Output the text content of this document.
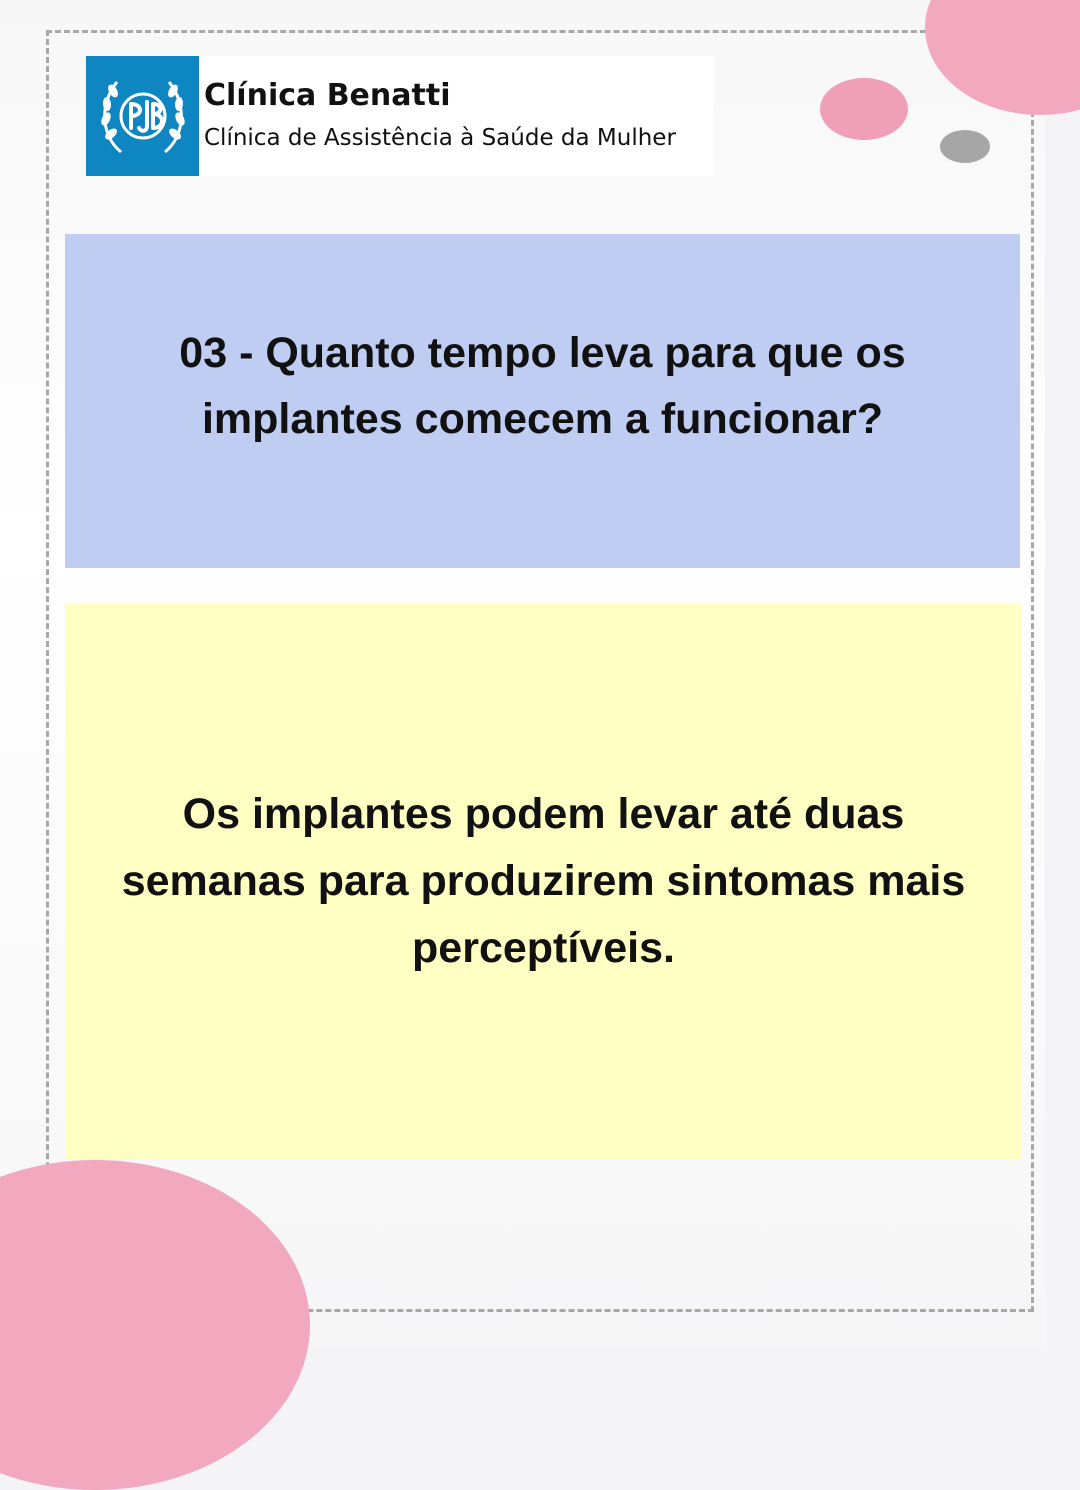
Clínica Benatti
Clínica de Assistência à Saúde da Mulher
03 - Quanto tempo leva para que os implantes comecem a funcionar?
Os implantes podem levar até duas semanas para produzirem sintomas mais perceptíveis.
